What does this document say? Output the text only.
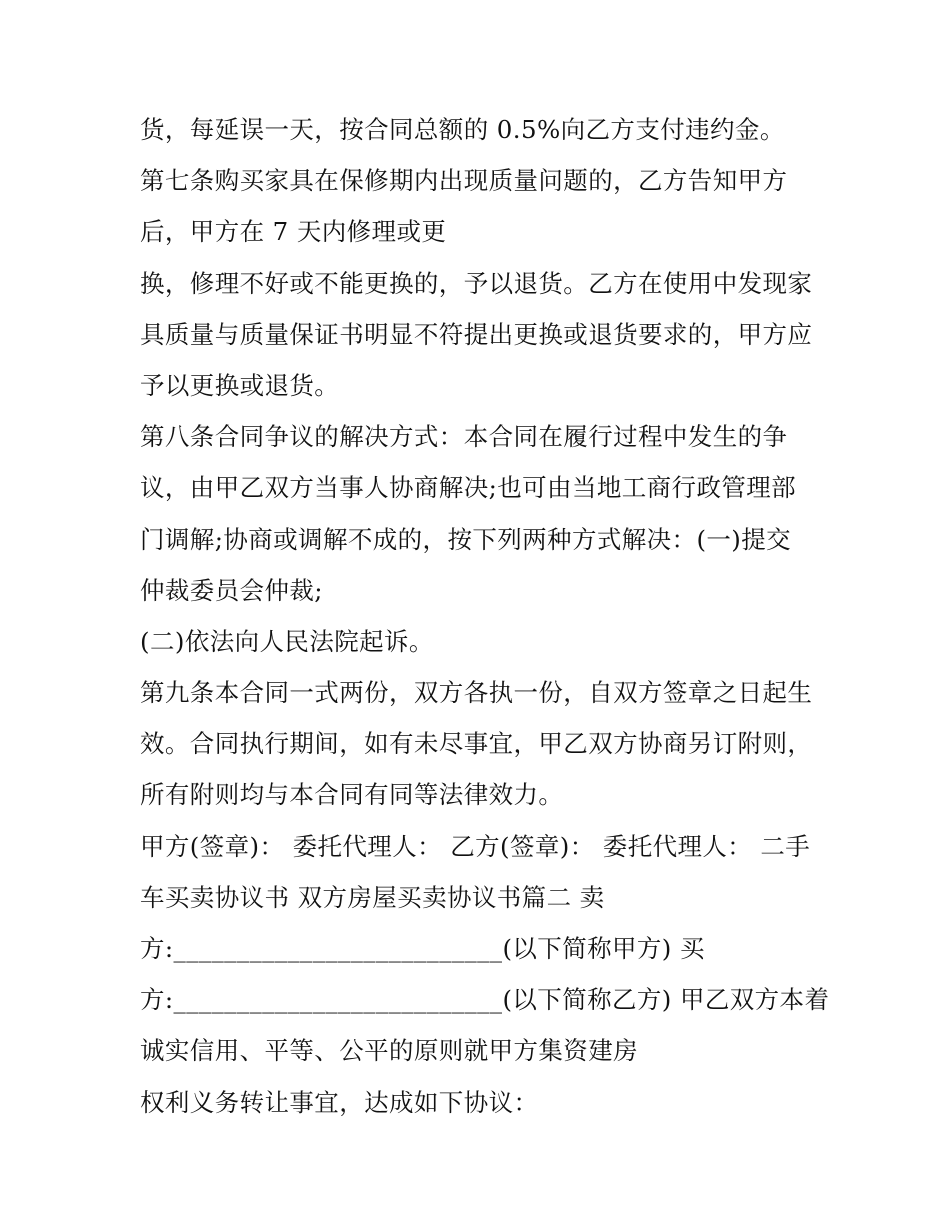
货，每延误一天，按合同总额的 0.5%向乙方支付违约金。
第七条购买家具在保修期内出现质量问题的，乙方告知甲方
后，甲方在 7 天内修理或更
换，修理不好或不能更换的，予以退货。乙方在使用中发现家
具质量与质量保证书明显不符提出更换或退货要求的，甲方应
予以更换或退货。
第八条合同争议的解决方式：本合同在履行过程中发生的争
议，由甲乙双方当事人协商解决;也可由当地工商行政管理部
门调解;协商或调解不成的，按下列两种方式解决：(一)提交
仲裁委员会仲裁;
(二)依法向人民法院起诉。
第九条本合同一式两份，双方各执一份，自双方签章之日起生
效。合同执行期间，如有未尽事宜，甲乙双方协商另订附则，
所有附则均与本合同有同等法律效力。
甲方(签章)： 委托代理人： 乙方(签章)： 委托代理人： 二手
车买卖协议书 双方房屋买卖协议书篇二 卖
方:__________________________(以下简称甲方) 买
方:__________________________(以下简称乙方) 甲乙双方本着
诚实信用、平等、公平的原则就甲方集资建房
权利义务转让事宜，达成如下协议：
